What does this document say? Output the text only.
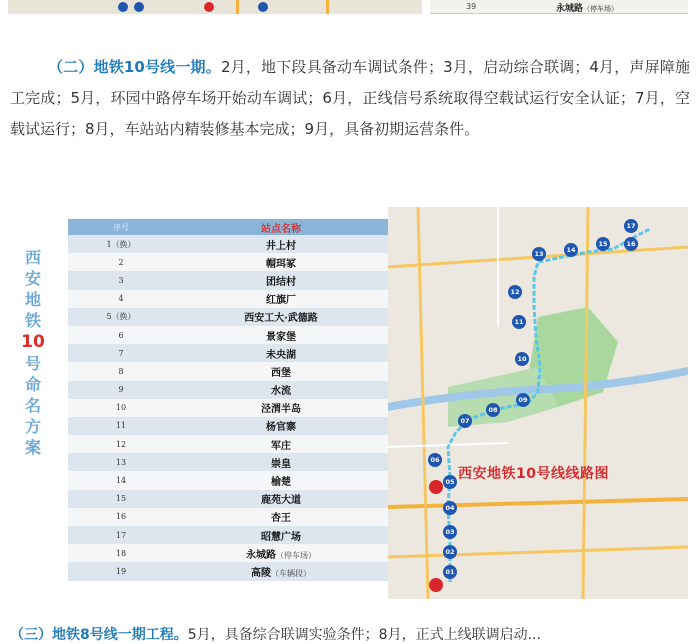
39	永城路（停车场）

（二）地铁10号线一期。2月，地下段具备动车调试条件；3月，启动综合联调；4月，声屏障施工完成；5月，环园中路停车场开始动车调试；6月，正线信号系统取得空载试运行安全认证；7月，空载试运行；8月，车站站内精装修基本完成；9月，具备初期运营条件。

西安地铁
10
号命名方案
序号	站点名称
1（换）	井上村
2	帽珥冢
3	团结村
4	红旗厂
5（换）	西安工大·武德路
6	景家堡
7	未央湖
8	西堡
9	水流
10	泾渭半岛
11	杨官寨
12	军庄
13	崇皇
14	榆楚
15	鹿苑大道
16	杏王
17	昭慧广场
18	永城路（停车场）
19	高陵（车辆段）
西安地铁10号线线路图
01
02
03
04
05
06
07
08
09
10
11
12
13	14
15	16
17
（三）地铁8号线一期工程。5月，具备综合联调实验条件；8月，正式上线联调启动...
